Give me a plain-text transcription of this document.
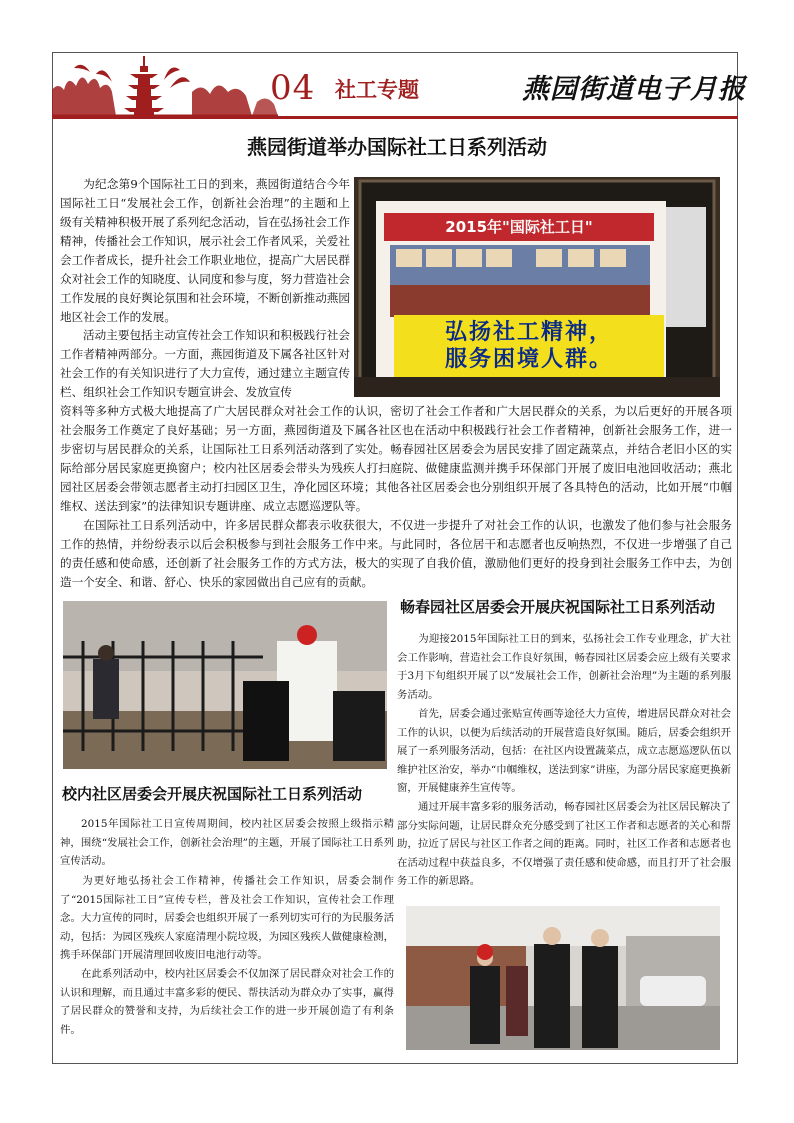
04 社工专题	燕园街道电子月报
燕园街道举办国际社工日系列活动

为纪念第9个国际社工日的到来，燕园街道结合今年国际社工日“发展社会工作，创新社会治理”的主题和上级有关精神积极开展了系列纪念活动，旨在弘扬社会工作精神，传播社会工作知识，展示社会工作者风采，关爱社会工作者成长，提升社会工作职业地位，提高广大居民群众对社会工作的知晓度、认同度和参与度，努力营造社会工作发展的良好舆论氛围和社会环境，不断创新推动燕园地区社会工作的发展。

活动主要包括主动宣传社会工作知识和积极践行社会工作者精神两部分。一方面，燕园街道及下属各社区针对社会工作的有关知识进行了大力宣传，通过建立主题宣传栏、组织社会工作知识专题宣讲会、发放宣传

资料等多种方式极大地提高了广大居民群众对社会工作的认识，密切了社会工作者和广大居民群众的关系，为以后更好的开展各项社会服务工作奠定了良好基础；另一方面，燕园街道及下属各社区也在活动中积极践行社会工作者精神，创新社会服务工作，进一步密切与居民群众的关系，让国际社工日系列活动落到了实处。畅春园社区居委会为居民安排了固定蔬菜点，并结合老旧小区的实际给部分居民家庭更换窗户；校内社区居委会带头为残疾人打扫庭院、做健康监测并携手环保部门开展了废旧电池回收活动；燕北园社区居委会带领志愿者主动打扫园区卫生，净化园区环境；其他各社区居委会也分别组织开展了各具特色的活动，比如开展“巾帼维权、送法到家”的法律知识专题讲座、成立志愿巡逻队等。

在国际社工日系列活动中，许多居民群众都表示收获很大，不仅进一步提升了对社会工作的认识，也激发了他们参与社会服务工作的热情，并纷纷表示以后会积极参与到社会服务工作中来。与此同时，各位居干和志愿者也反响热烈，不仅进一步增强了自己的责任感和使命感，还创新了社会服务工作的方式方法，极大的实现了自我价值，激励他们更好的投身到社会服务工作中去，为创造一个安全、和谐、舒心、快乐的家园做出自己应有的贡献。

2015年"国际社工日"
弘扬社工精神，
服务困境人群。
畅春园社区居委会开展庆祝国际社工日系列活动

为迎接2015年国际社工日的到来，弘扬社会工作专业理念，扩大社会工作影响，营造社会工作良好氛围，畅春园社区居委会应上级有关要求于3月下旬组织开展了以“发展社会工作，创新社会治理”为主题的系列服务活动。

首先，居委会通过张贴宣传画等途径大力宣传，增进居民群众对社会工作的认识，以便为后续活动的开展营造良好氛围。随后，居委会组织开展了一系列服务活动，包括：在社区内设置蔬菜点，成立志愿巡逻队伍以维护社区治安，举办“巾帼维权，送法到家”讲座，为部分居民家庭更换新窗，开展健康养生宣传等。

通过开展丰富多彩的服务活动，畅春园社区居委会为社区居民解决了部分实际问题，让居民群众充分感受到了社区工作者和志愿者的关心和帮助，拉近了居民与社区工作者之间的距离。同时，社区工作者和志愿者也在活动过程中获益良多，不仅增强了责任感和使命感，而且打开了社会服务工作的新思路。

校内社区居委会开展庆祝国际社工日系列活动

2015年国际社工日宣传周期间，校内社区居委会按照上级指示精神，围绕“发展社会工作，创新社会治理”的主题，开展了国际社工日系列宣传活动。

为更好地弘扬社会工作精神，传播社会工作知识，居委会制作了“2015国际社工日”宣传专栏，普及社会工作知识，宣传社会工作理念。大力宣传的同时，居委会也组织开展了一系列切实可行的为民服务活动，包括：为园区残疾人家庭清理小院垃圾，为园区残疾人做健康检测，携手环保部门开展清理回收废旧电池行动等。

在此系列活动中，校内社区居委会不仅加深了居民群众对社会工作的认识和理解，而且通过丰富多彩的便民、帮扶活动为群众办了实事，赢得了居民群众的赞誉和支持，为后续社会工作的进一步开展创造了有利条件。
